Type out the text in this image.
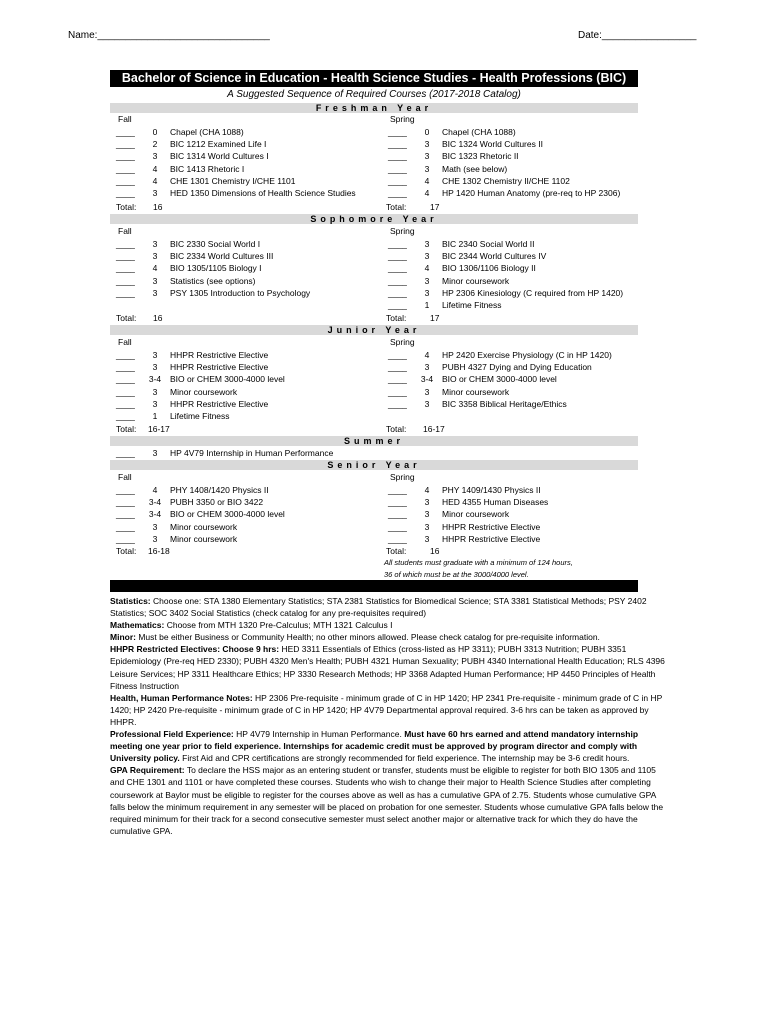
Name:_______________________________	Date:_________________
Bachelor of Science in Education - Health Science Studies - Health Professions (BIC)
A Suggested Sequence of Required Courses (2017-2018 Catalog)
Freshman Year
Fall	Spring
____ 0 Chapel (CHA 1088)
____ 2 BIC 1212 Examined Life I
____ 3 BIC 1314 World Cultures I
____ 4 BIC 1413 Rhetoric I
____ 4 CHE 1301 Chemistry I/CHE 1101
____ 3 HED 1350 Dimensions of Health Science Studies
____ 0 Chapel (CHA 1088)
____ 3 BIC 1324 World Cultures II
____ 3 BIC 1323 Rhetoric II
____ 3 Math (see below)
____ 4 CHE 1302 Chemistry II/CHE 1102
____ 4 HP 1420 Human Anatomy (pre-req to HP 2306)
Total: 16	Total:	17
Sophomore Year
Fall	Spring
____ 3 BIC 2330 Social World I
____ 3 BIC 2334 World Cultures III
____ 4 BIO 1305/1105 Biology I
____ 3 Statistics (see options)
____ 3 PSY 1305 Introduction to Psychology
____ 3 BIC 2340 Social World II
____ 3 BIC 2344 World Cultures IV
____ 4 BIO 1306/1106 Biology II
____ 3 Minor coursework
____ 3 HP 2306 Kinesiology (C required from HP 1420)
____ 1 Lifetime Fitness
Total: 16	Total:	17
Junior Year
Fall	Spring
____ 3 HHPR Restrictive Elective
____ 3 HHPR Restrictive Elective
____ 3-4 BIO or CHEM 3000-4000 level
____ 3 Minor coursework
____ 3 HHPR Restrictive Elective
____ 1 Lifetime Fitness
____ 4 HP 2420 Exercise Physiology (C in HP 1420)
____ 3 PUBH 4327 Dying and Dying Education
____ 3-4 BIO or CHEM 3000-4000 level
____ 3 Minor coursework
____ 3 BIC 3358 Biblical Heritage/Ethics
Total: 16-17	Total: 16-17
Summer
____ 3 HP 4V79 Internship in Human Performance
Senior Year
Fall	Spring
____ 4 PHY 1408/1420 Physics II
____ 3-4 PUBH 3350 or BIO 3422
____ 3-4 BIO or CHEM 3000-4000 level
____ 3 Minor coursework
____ 3 Minor coursework
____ 4 PHY 1409/1430 Physics II
____ 3 HED 4355 Human Diseases
____ 3 Minor coursework
____ 3 HHPR Restrictive Elective
____ 3 HHPR Restrictive Elective
Total: 16-18	Total:	16
All students must graduate with a minimum of 124 hours,
36 of which must be at the 3000/4000 level.

Statistics: Choose one: STA 1380 Elementary Statistics; STA 2381 Statistics for Biomedical Science; STA 3381 Statistical Methods; PSY 2402 Statistics; SOC 3402 Social Statistics (check catalog for any pre-requisites required)

Mathematics: Choose from MTH 1320 Pre-Calculus; MTH 1321 Calculus I

Minor: Must be either Business or Community Health; no other minors allowed. Please check catalog for pre-requisite information.

HHPR Restricted Electives: Choose 9 hrs: HED 3311 Essentials of Ethics (cross-listed as HP 3311); PUBH 3313 Nutrition; PUBH 3351 Epidemiology (Pre-req HED 2330); PUBH 4320 Men's Health; PUBH 4321 Human Sexuality; PUBH 4340 International Health Education; RLS 4396 Leisure Services; HP 3311 Healthcare Ethics; HP 3330 Research Methods; HP 3368 Adapted Human Performance; HP 4450 Principles of Health Fitness Instruction

Health, Human Performance Notes: HP 2306 Pre-requisite - minimum grade of C in HP 1420; HP 2341 Pre-requisite - minimum grade of C in HP 1420; HP 2420 Pre-requisite - minimum grade of C in HP 1420; HP 4V79 Departmental approval required. 3-6 hrs can be taken as approved by HHPR.

Professional Field Experience: HP 4V79 Internship in Human Performance. Must have 60 hrs earned and attend mandatory internship meeting one year prior to field experience. Internships for academic credit must be approved by program director and comply with University policy. First Aid and CPR certifications are strongly recommended for field experience. The internship may be 3-6 credit hours.

GPA Requirement: To declare the HSS major as an entering student or transfer, students must be eligible to register for both BIO 1305 and 1105 and CHE 1301 and 1101 or have completed these courses. Students who wish to change their major to Health Science Studies after completing coursework at Baylor must be eligible to register for the courses above as well as has a cumulative GPA of 2.75. Students whose cumulative GPA falls below the minimum requirement in any semester will be placed on probation for one semester. Students whose cumulative GPA falls below the required minimum for their track for a second consecutive semester must select another major or alternative track for which they do have the cumulative GPA.
